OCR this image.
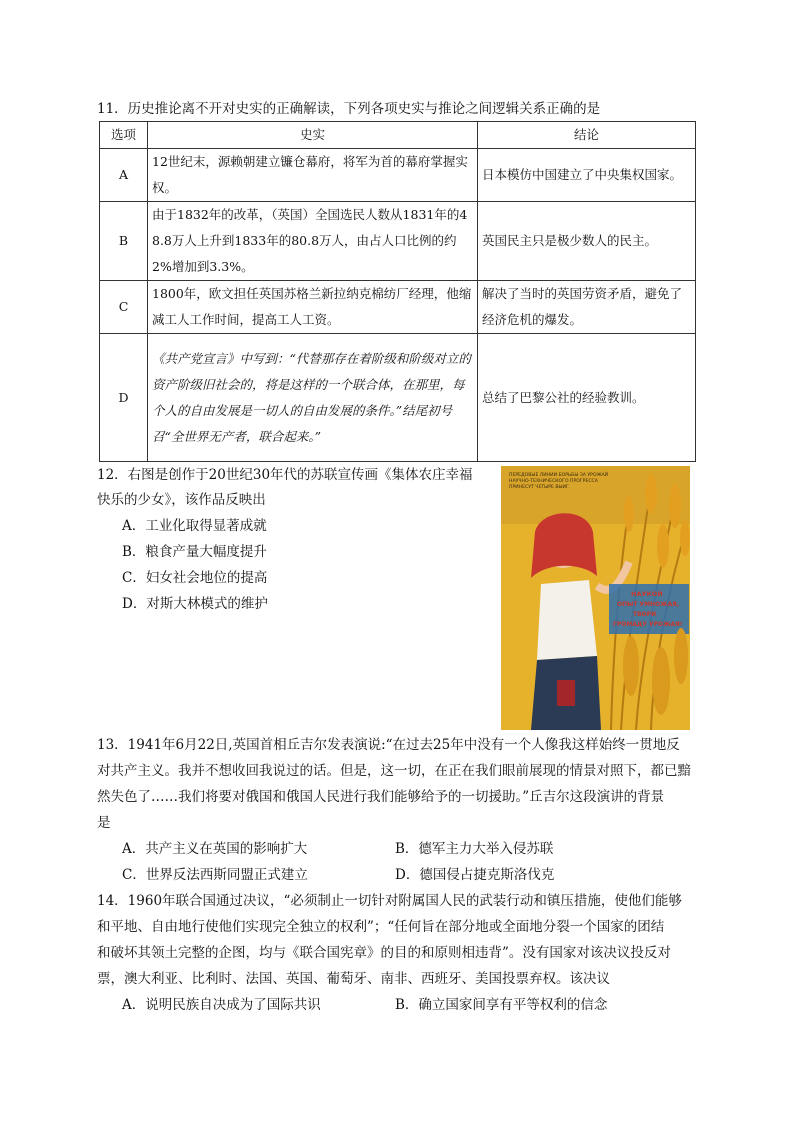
11．历史推论离不开对史实的正确解读，下列各项史实与推论之间逻辑关系正确的是
选项	史实	结论
A	12世纪末，源赖朝建立镰仓幕府，将军为首的幕府掌握实权。	日本模仿中国建立了中央集权国家。
B	由于1832年的改革，（英国）全国选民人数从1831年的48.8万人上升到1833年的80.8万人，由占人口比例的约2%增加到3.3%。	英国民主只是极少数人的民主。
C	1800年，欧文担任英国苏格兰新拉纳克棉纺厂经理，他缩减工人工作时间，提高工人工资。	解决了当时的英国劳资矛盾，避免了经济危机的爆发。
D	《共产党宣言》中写到：“代替那存在着阶级和阶级对立的资产阶级旧社会的，将是这样的一个联合体，在那里，每个人的自由发展是一切人的自由发展的条件。”结尾初号召“全世界无产者，联合起来。”	总结了巴黎公社的经验教训。
12．右图是创作于20世纪30年代的苏联宣传画《集体农庄幸福
快乐的少女》，该作品反映出
A．工业化取得显著成就
B．粮食产量大幅度提升
C．妇女社会地位的提高
D．对斯大林模式的维护
ПЕРЕДОВЫЕ ЛИНИИ БОРЬБЫ ЗА УРОЖАЙ
НАУЧНО-ТЕХНИЧЕСКОГО ПРОГРЕССА
ПРИНЕСУТ ЧЕТЫРЕ ВЫИГ.
НАУКОЙ
ОПЫТ УМНОЖАЯ,
ТВОРИ
ГРОМАДУ УРОЖАЯ!
13．1941年6月22日,英国首相丘吉尔发表演说:“在过去25年中没有一个人像我这样始终一贯地反
对共产主义。我并不想收回我说过的话。但是，这一切，在正在我们眼前展现的情景对照下，都已黯
然失色了……我们将要对俄国和俄国人民进行我们能够给予的一切援助。”丘吉尔这段演讲的背景
是
A．共产主义在英国的影响扩大	B．德军主力大举入侵苏联
C．世界反法西斯同盟正式建立	D．德国侵占捷克斯洛伐克
14．1960年联合国通过决议，“必须制止一切针对附属国人民的武装行动和镇压措施，使他们能够
和平地、自由地行使他们实现完全独立的权利”；“任何旨在部分地或全面地分裂一个国家的团结
和破坏其领土完整的企图，均与《联合国宪章》的目的和原则相违背”。没有国家对该决议投反对
票，澳大利亚、比利时、法国、英国、葡萄牙、南非、西班牙、美国投票弃权。该决议
A．说明民族自决成为了国际共识	B．确立国家间享有平等权利的信念
